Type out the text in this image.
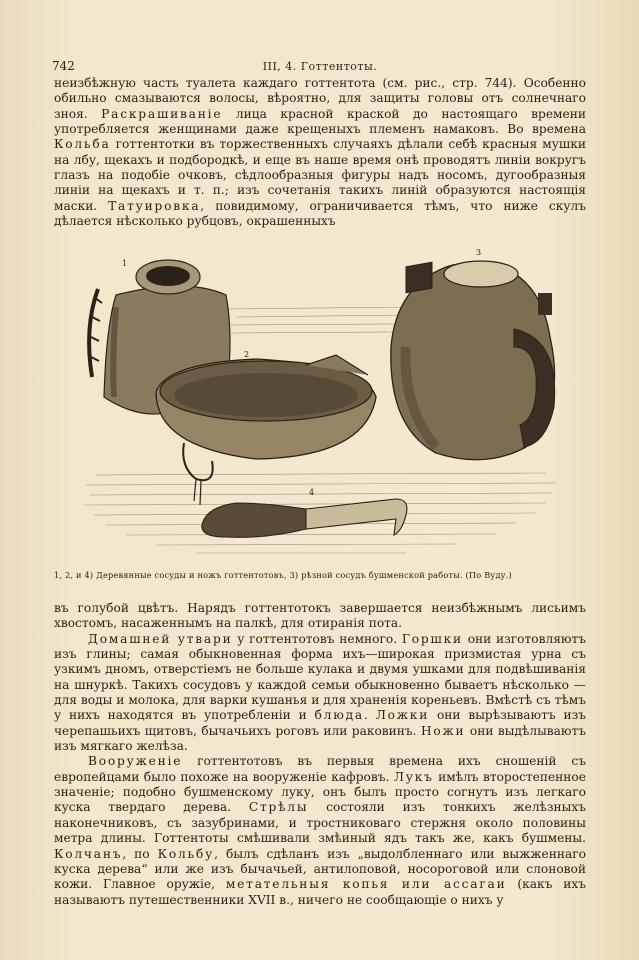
742	III, 4. Готтентоты.

неизбѣжную часть туалета каждаго готтентота (см. рис., стр. 744). Особенно обильно смазываются волосы, вѣроятно, для защиты головы отъ солнечнаго зноя. Раскрашиваніе лица красной краской до настоящаго времени употребляется женщинами даже крещеныхъ племенъ намаковъ. Во времена Кольба готтентотки въ торжественныхъ случаяхъ дѣлали себѣ красныя мушки на лбу, щекахъ и подбородкѣ, и еще въ наше время онѣ проводятъ линіи вокругъ глазъ на подобіе очковъ, сѣдлообразныя фигуры надъ носомъ, дугообразныя линіи на щекахъ и т. п.; изъ сочетанія такихъ линій образуются настоящія маски. Татуировка, повидимому, ограничивается тѣмъ, что ниже скулъ дѣлается нѣсколько рубцовъ, окрашенныхъ

1
2
3
4
1, 2, и 4) Деревянные сосуды и ножъ готтентотовъ, 3) рѣзной сосудъ бушменской работы. (По Вуду.)

въ голубой цвѣтъ. Нарядъ готтентотокъ завершается неизбѣжнымъ лисьимъ хвостомъ, насаженнымъ на палкѣ, для отиранія пота.

Домашней утвари у готтентотовъ немного. Горшки они изготовляютъ изъ глины; самая обыкновенная форма ихъ—широкая призмистая урна съ узкимъ дномъ, отверстіемъ не больше кулака и двумя ушками для подвѣшиванія на шнуркѣ. Такихъ сосудовъ у каждой семьи обыкновенно бываетъ нѣсколько — для воды и молока, для варки кушанья и для храненія кореньевъ. Вмѣстѣ съ тѣмъ у нихъ находятся въ употребленіи и блюда. Ложки они вырѣзываютъ изъ черепашьихъ щитовъ, бычачьихъ роговъ или раковинъ. Ножи они выдѣлываютъ изъ мягкаго желѣза.

Вооруженіе готтентотовъ въ первыя времена ихъ сношеній съ европейцами было похоже на вооруженіе кафровъ. Лукъ имѣлъ второстепенное значеніе; подобно бушменскому луку, онъ былъ просто согнутъ изъ легкаго куска твердаго дерева. Стрѣлы состояли изъ тонкихъ желѣзныхъ наконечниковъ, съ зазубринами, и тростниковаго стержня около половины метра длины. Готтентоты смѣшивали змѣиный ядъ такъ же, какъ бушмены. Колчанъ, по Кольбу, былъ сдѣланъ изъ „выдолбленнаго или выжженнаго куска дерева“ или же изъ бычачьей, антилоповой, носороговой или слоновой кожи. Главное оружіе, метательныя копья или ассагаи (какъ ихъ называютъ путешественники XVII в., ничего не сообщающіе о нихъ у
